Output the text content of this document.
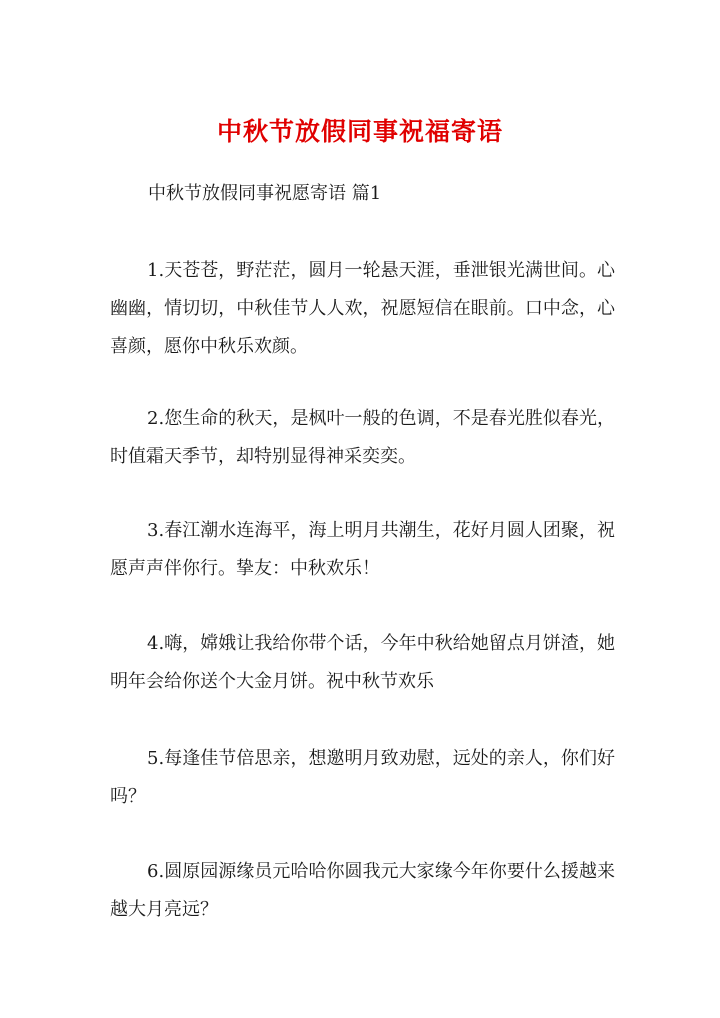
中秋节放假同事祝福寄语

中秋节放假同事祝愿寄语 篇1

1.天苍苍，野茫茫，圆月一轮悬天涯，垂泄银光满世间。心幽幽，情切切，中秋佳节人人欢，祝愿短信在眼前。口中念，心喜颜，愿你中秋乐欢颜。

2.您生命的秋天，是枫叶一般的色调，不是春光胜似春光，时值霜天季节，却特别显得神采奕奕。

3.春江潮水连海平，海上明月共潮生，花好月圆人团聚，祝愿声声伴你行。挚友：中秋欢乐！

4.嗨，嫦娥让我给你带个话，今年中秋给她留点月饼渣，她明年会给你送个大金月饼。祝中秋节欢乐

5.每逢佳节倍思亲，想邀明月致劝慰，远处的亲人，你们好吗？

6.圆原园源缘员元哈哈你圆我元大家缘今年你要什么援越来越大月亮远？
